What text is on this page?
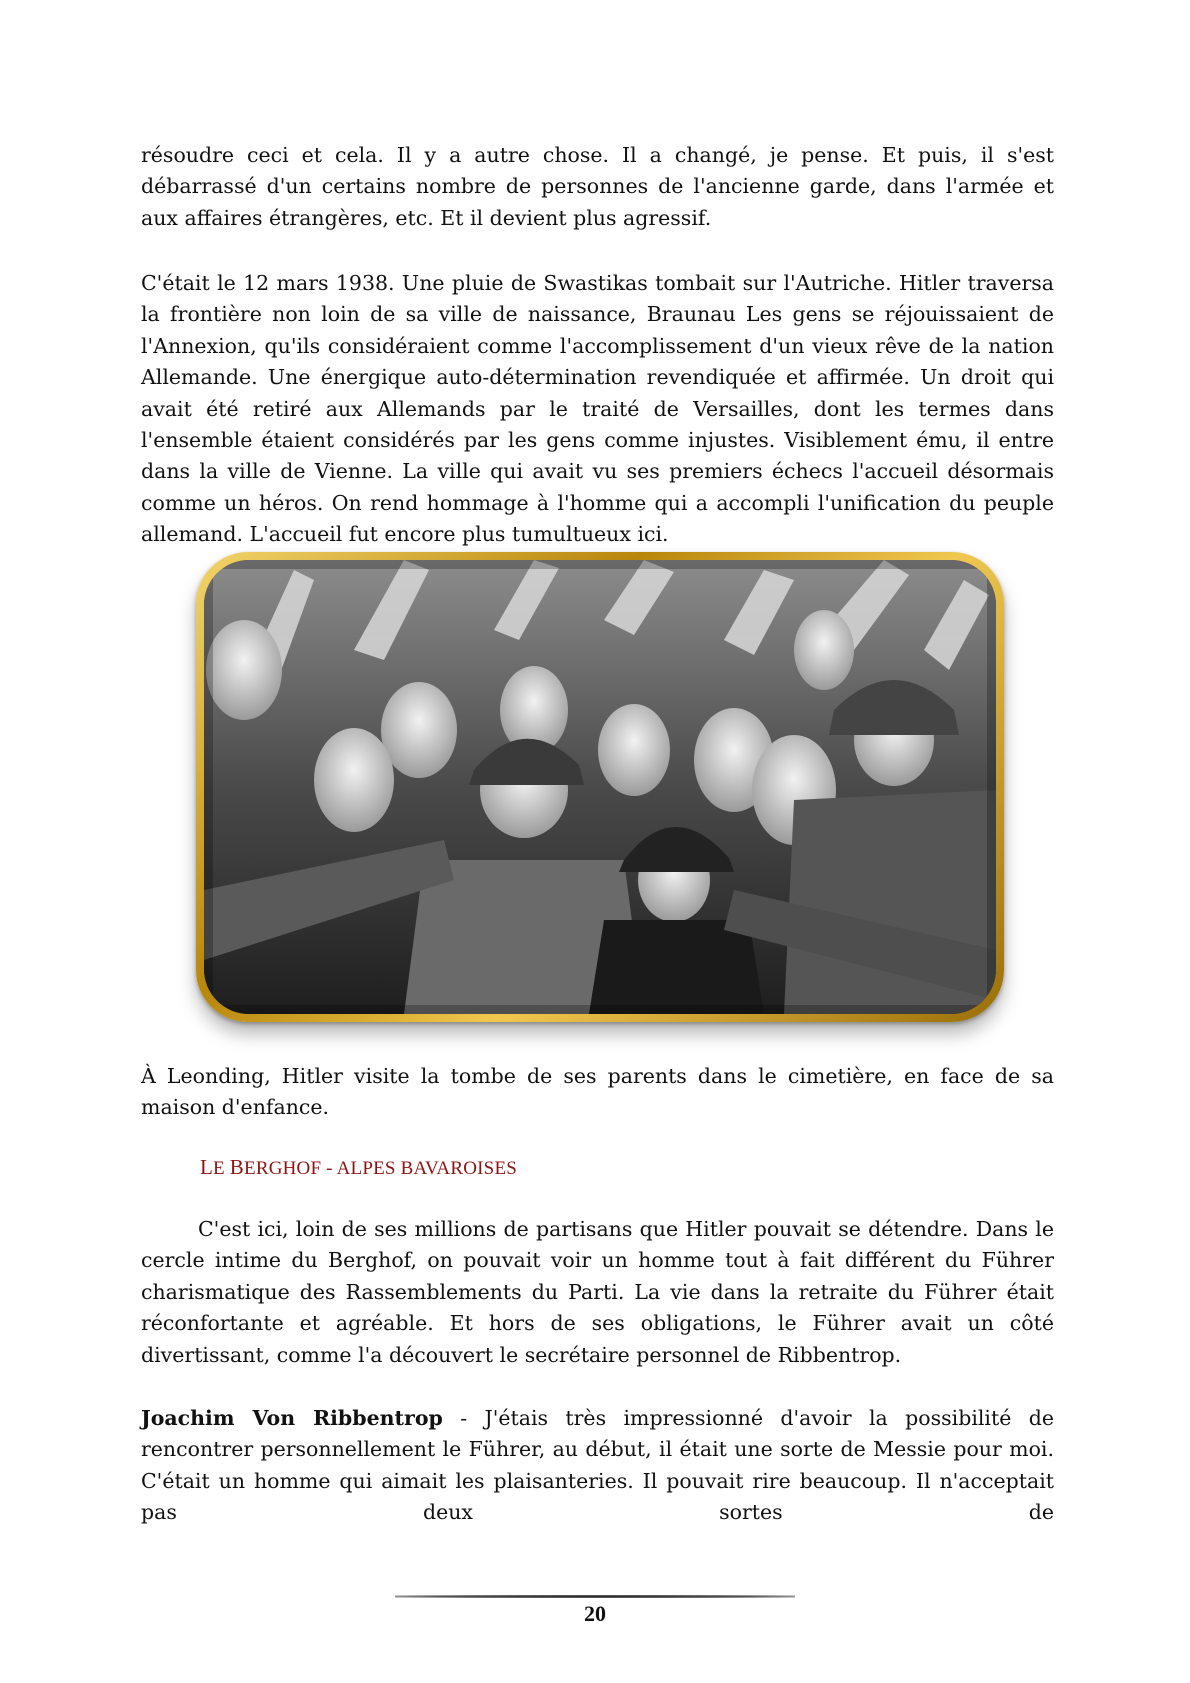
résoudre ceci et cela. Il y a autre chose. Il a changé, je pense. Et puis, il s'est débarrassé d'un certains nombre de personnes de l'ancienne garde, dans l'armée et aux affaires étrangères, etc. Et il devient plus agressif.

C'était le 12 mars 1938. Une pluie de Swastikas tombait sur l'Autriche. Hitler traversa la frontière non loin de sa ville de naissance, Braunau Les gens se réjouissaient de l'Annexion, qu'ils considéraient comme l'accomplissement d'un vieux rêve de la nation Allemande. Une énergique auto-détermination revendiquée et affirmée. Un droit qui avait été retiré aux Allemands par le traité de Versailles, dont les termes dans l'ensemble étaient considérés par les gens comme injustes. Visiblement ému, il entre dans la ville de Vienne. La ville qui avait vu ses premiers échecs l'accueil désormais comme un héros. On rend hommage à l'homme qui a accompli l'unification du peuple allemand. L'accueil fut encore plus tumultueux ici.

À Leonding, Hitler visite la tombe de ses parents dans le cimetière, en face de sa maison d'enfance.

LE BERGHOF - ALPES BAVAROISES

C'est ici, loin de ses millions de partisans que Hitler pouvait se détendre. Dans le cercle intime du Berghof, on pouvait voir un homme tout à fait différent du Führer charismatique des Rassemblements du Parti. La vie dans la retraite du Führer était réconfortante et agréable. Et hors de ses obligations, le Führer avait un côté divertissant, comme l'a découvert le secrétaire personnel de Ribbentrop.

Joachim Von Ribbentrop - J'étais très impressionné d'avoir la possibilité de rencontrer personnellement le Führer, au début, il était une sorte de Messie pour moi. C'était un homme qui aimait les plaisanteries. Il pouvait rire beaucoup. Il n'acceptait pas deux sortes de

20
